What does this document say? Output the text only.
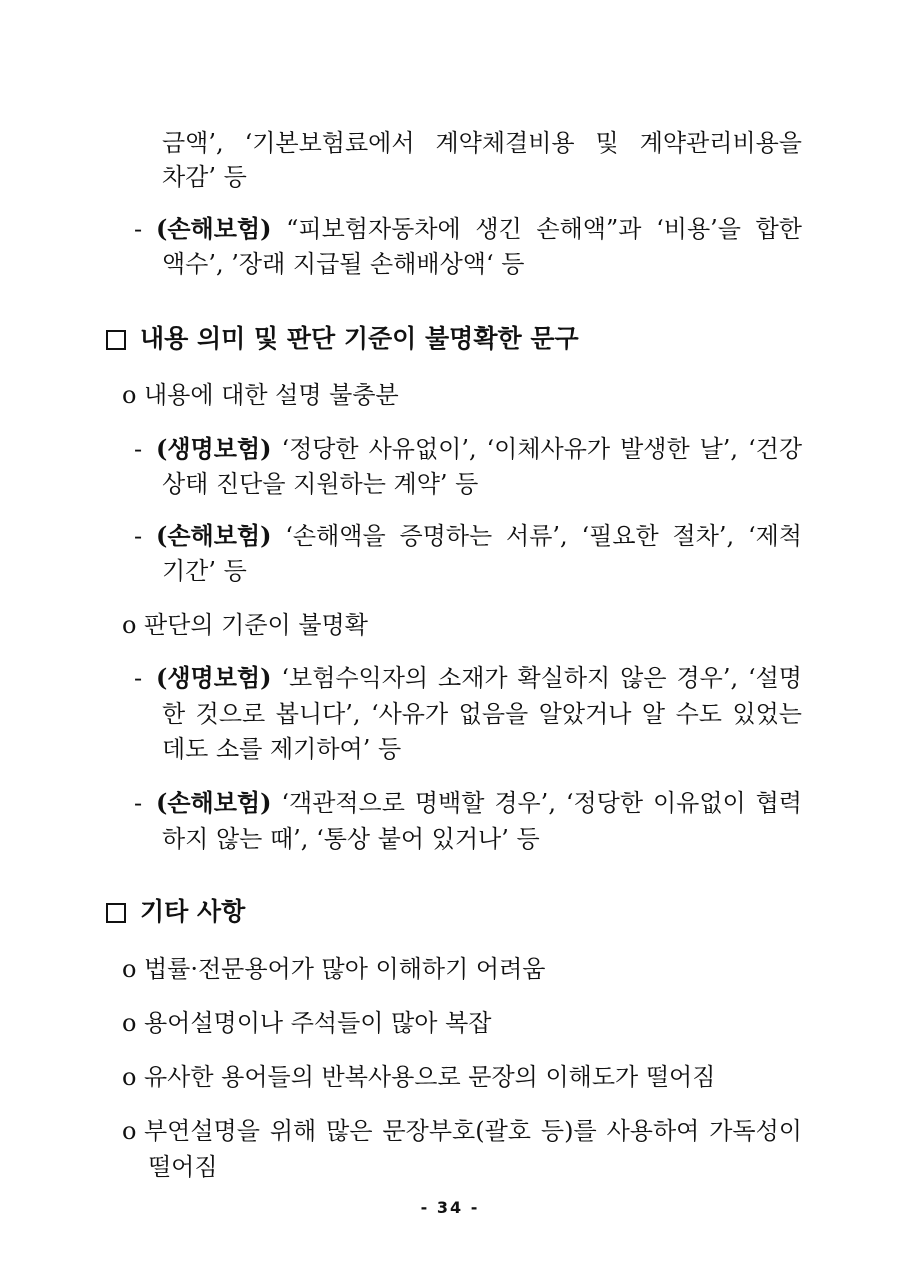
금액’, ‘기본보험료에서 계약체결비용 및 계약관리비용을
차감’ 등
- (손해보험) “피보험자동차에 생긴 손해액”과 ‘비용’을 합한
액수’, ’장래 지급될 손해배상액‘ 등
내용 의미 및 판단 기준이 불명확한 문구
o 내용에 대한 설명 불충분
- (생명보험) ‘정당한 사유없이’, ‘이체사유가 발생한 날’, ‘건강
상태 진단을 지원하는 계약’ 등
- (손해보험) ‘손해액을 증명하는 서류’, ‘필요한 절차’, ‘제척
기간’ 등
o 판단의 기준이 불명확
- (생명보험) ‘보험수익자의 소재가 확실하지 않은 경우’, ‘설명
한 것으로 봅니다’, ‘사유가 없음을 알았거나 알 수도 있었는
데도 소를 제기하여’ 등
- (손해보험) ‘객관적으로 명백할 경우’, ‘정당한 이유없이 협력
하지 않는 때’, ‘통상 붙어 있거나’ 등
기타 사항
o 법률·전문용어가 많아 이해하기 어려움
o 용어설명이나 주석들이 많아 복잡
o 유사한 용어들의 반복사용으로 문장의 이해도가 떨어짐
o 부연설명을 위해 많은 문장부호(괄호 등)를 사용하여 가독성이
떨어짐
- 34 -
